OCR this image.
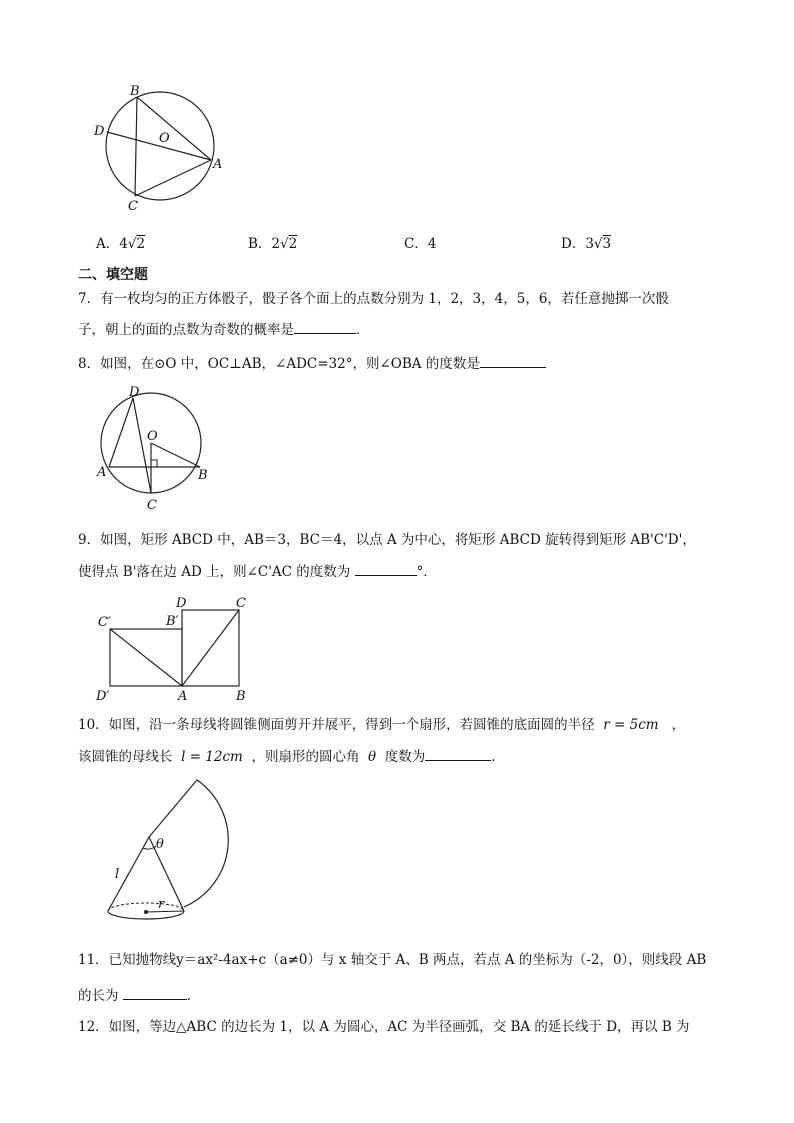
B
D	O
A
C
A．4√2	B．2√2	C．4	D．3√3
二、填空题
7．有一枚均匀的正方体骰子，骰子各个面上的点数分别为 1，2，3，4，5，6，若任意抛掷一次骰
子，朝上的面的点数为奇数的概率是	．
8．如图，在⊙O 中，OC⊥AB，∠ADC=32°，则∠OBA 的度数是
D
O
A	B
C
9．如图，矩形 ABCD 中，AB＝3，BC＝4，以点 A 为中心，将矩形 ABCD 旋转得到矩形 AB'C'D'，
使得点 B'落在边 AD 上，则∠C'AC 的度数为	°．
D	C
C′	B′
D′	A	B
10．如图，沿一条母线将圆锥侧面剪开并展平，得到一个扇形，若圆锥的底面圆的半径 r = 5cm ，
该圆锥的母线长 l = 12cm ，则扇形的圆心角 θ 度数为	.
θ
l
r
11．已知抛物线y＝ax²-4ax+c（a≠0）与 x 轴交于 A、B 两点，若点 A 的坐标为（-2，0），则线段 AB
的长为	．
12．如图，等边△ABC 的边长为 1，以 A 为圆心，AC 为半径画弧，交 BA 的延长线于 D，再以 B 为
